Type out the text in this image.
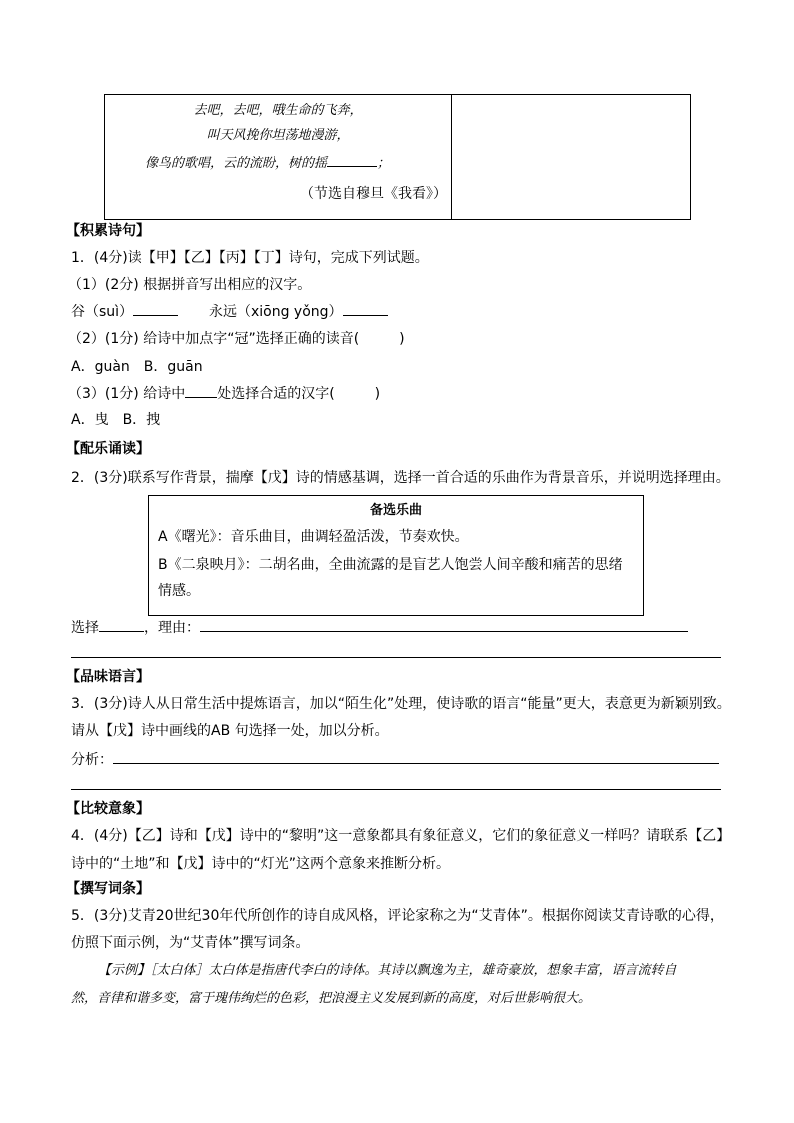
去吧，去吧，哦生命的飞奔，
叫天风挽你坦荡地漫游，
像鸟的歌唱，云的流盼，树的摇	；
（节选自穆旦《我看》）
【积累诗句】
1．(4分)读【甲】【乙】【丙】【丁】诗句，完成下列试题。
（1）(2分) 根据拼音写出相应的汉字。
谷（suì）	永远（xiōng yǒng）
（2）(1分) 给诗中加点字“冠”选择正确的读音(	)
A．guàn　B．guān
（3）(1分) 给诗中 处选择合适的汉字(	)
A．曳　B．拽
【配乐诵读】
2．(3分)联系写作背景，揣摩【戊】诗的情感基调，选择一首合适的乐曲作为背景音乐，并说明选择理由。
备选乐曲
A《曙光》：音乐曲目，曲调轻盈活泼，节奏欢快。
B《二泉映月》：二胡名曲，全曲流露的是盲艺人饱尝人间辛酸和痛苦的思绪
情感。
选择	，理由：
【品味语言】
3．(3分)诗人从日常生活中提炼语言，加以“陌生化”处理，使诗歌的语言“能量”更大，表意更为新颖别致。
请从【戊】诗中画线的AB 句选择一处，加以分析。
分析：
【比较意象】
4．(4分)【乙】诗和【戊】诗中的“黎明”这一意象都具有象征意义，它们的象征意义一样吗？请联系【乙】
诗中的“土地”和【戊】诗中的“灯光”这两个意象来推断分析。
【撰写词条】
5．(3分)艾青20世纪30年代所创作的诗自成风格，评论家称之为“艾青体”。根据你阅读艾青诗歌的心得，
仿照下面示例，为“艾青体”撰写词条。
【示例】［太白体］太白体是指唐代李白的诗体。其诗以飘逸为主，雄奇豪放，想象丰富，语言流转自
然，音律和谐多变，富于瑰伟绚烂的色彩，把浪漫主义发展到新的高度，对后世影响很大。
